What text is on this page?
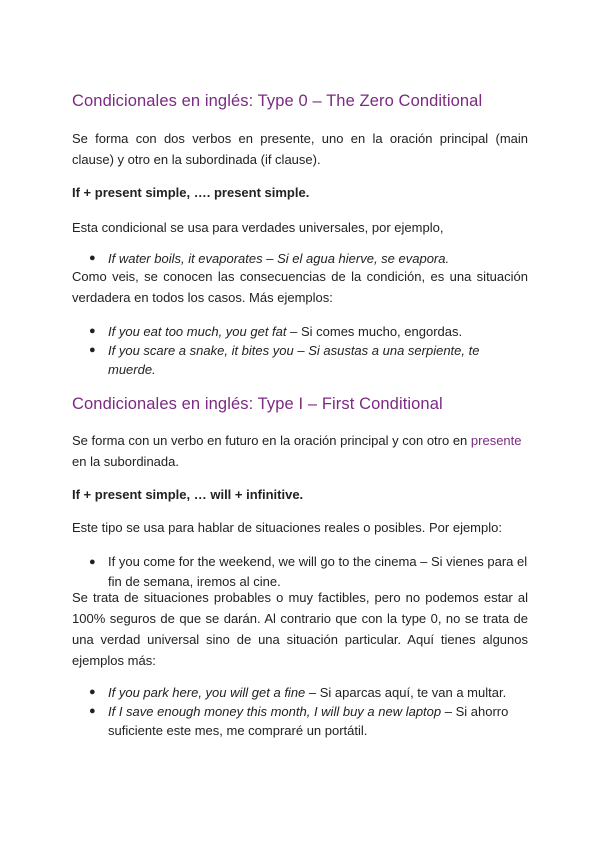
Condicionales en inglés: Type 0 – The Zero Conditional

Se forma con dos verbos en presente, uno en la oración principal (main clause) y otro en la subordinada (if clause).

If + present simple, …. present simple.

Esta condicional se usa para verdades universales, por ejemplo,

● If water boils, it evaporates – Si el agua hierve, se evapora.

Como veis, se conocen las consecuencias de la condición, es una situación verdadera en todos los casos. Más ejemplos:

● If you eat too much, you get fat – Si comes mucho, engordas.
● If you scare a snake, it bites you – Si asustas a una serpiente, te muerde.
Condicionales en inglés: Type I – First Conditional

Se forma con un verbo en futuro en la oración principal y con otro en presente en la subordinada.

If + present simple, … will + infinitive.

Este tipo se usa para hablar de situaciones reales o posibles. Por ejemplo:

● If you come for the weekend, we will go to the cinema – Si vienes para el fin de semana, iremos al cine.

Se trata de situaciones probables o muy factibles, pero no podemos estar al 100% seguros de que se darán. Al contrario que con la type 0, no se trata de una verdad universal sino de una situación particular. Aquí tienes algunos ejemplos más:

● If you park here, you will get a fine – Si aparcas aquí, te van a multar.
● If I save enough money this month, I will buy a new laptop – Si ahorro suficiente este mes, me compraré un portátil.
